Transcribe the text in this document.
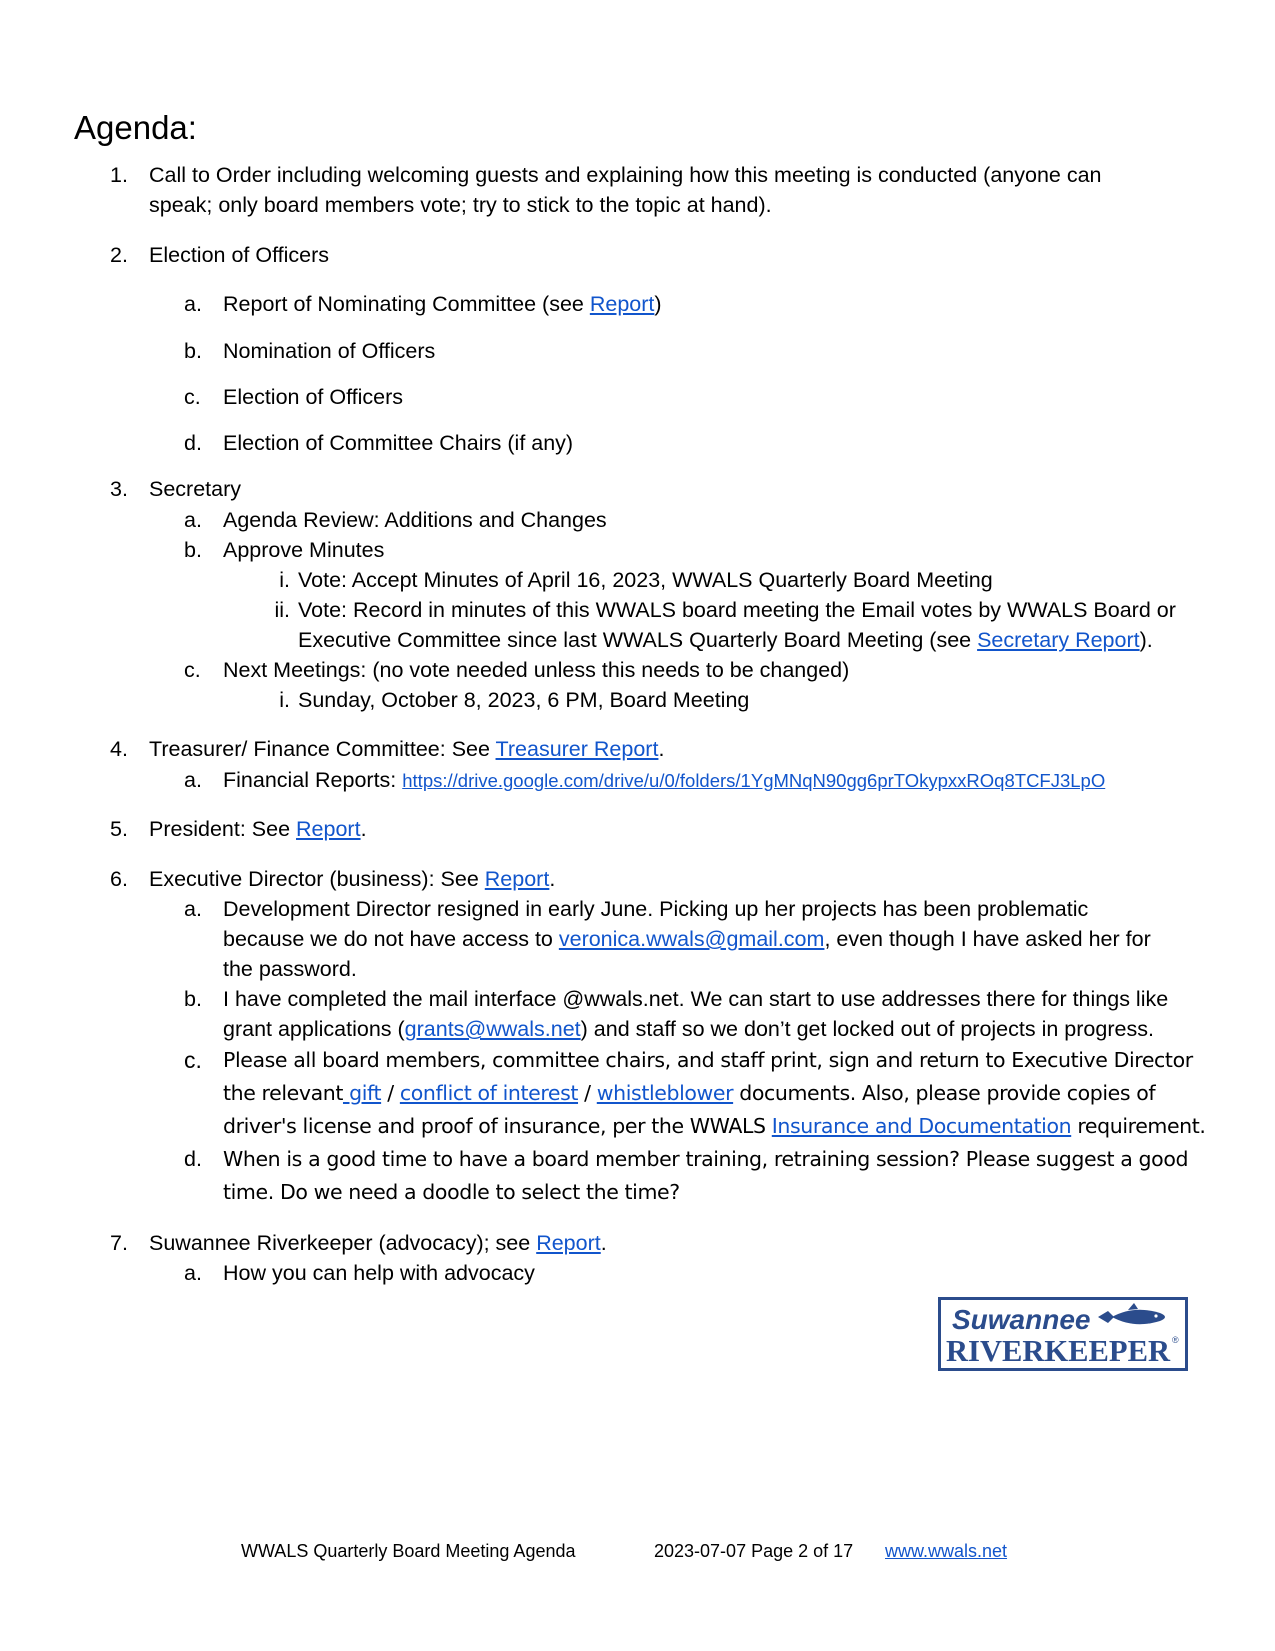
Agenda:
1. Call to Order including welcoming guests and explaining how this meeting is conducted (anyone can
speak; only board members vote; try to stick to the topic at hand).
2. Election of Officers
a. Report of Nominating Committee (see Report)
b. Nomination of Officers
c.	Election of Officers
d. Election of Committee Chairs (if any)
3. Secretary
a. Agenda Review: Additions and Changes
b. Approve Minutes
i. Vote: Accept Minutes of April 16, 2023, WWALS Quarterly Board Meeting
ii. Vote: Record in minutes of this WWALS board meeting the Email votes by WWALS Board or
Executive Committee since last WWALS Quarterly Board Meeting (see Secretary Report).
c.	Next Meetings: (no vote needed unless this needs to be changed)
i. Sunday, October 8, 2023, 6 PM, Board Meeting
4. Treasurer/ Finance Committee: See Treasurer Report.
a. Financial Reports: https://drive.google.com/drive/u/0/folders/1YgMNqN90gg6prTOkypxxROq8TCFJ3LpO
5. President: See Report.
6. Executive Director (business): See Report.
a. Development Director resigned in early June. Picking up her projects has been problematic
because we do not have access to veronica.wwals@gmail.com, even though I have asked her for
the password.
b. I have completed the mail interface @wwals.net. We can start to use addresses there for things like
grant applications (grants@wwals.net) and staff so we don’t get locked out of projects in progress.
c.	Please all board members, committee chairs, and staff print, sign and return to Executive Director
the relevant gift / conflict of interest / whistleblower documents. Also, please provide copies of
driver's license and proof of insurance, per the WWALS Insurance and Documentation requirement.
d.	When is a good time to have a board member training, retraining session? Please suggest a good
time. Do we need a doodle to select the time?
7. Suwannee Riverkeeper (advocacy); see Report.
a. How you can help with advocacy
Suwannee
RIVERKEEPER ®
WWALS Quarterly Board Meeting Agenda	2023-07-07 Page 2 of 17 www.wwals.net
